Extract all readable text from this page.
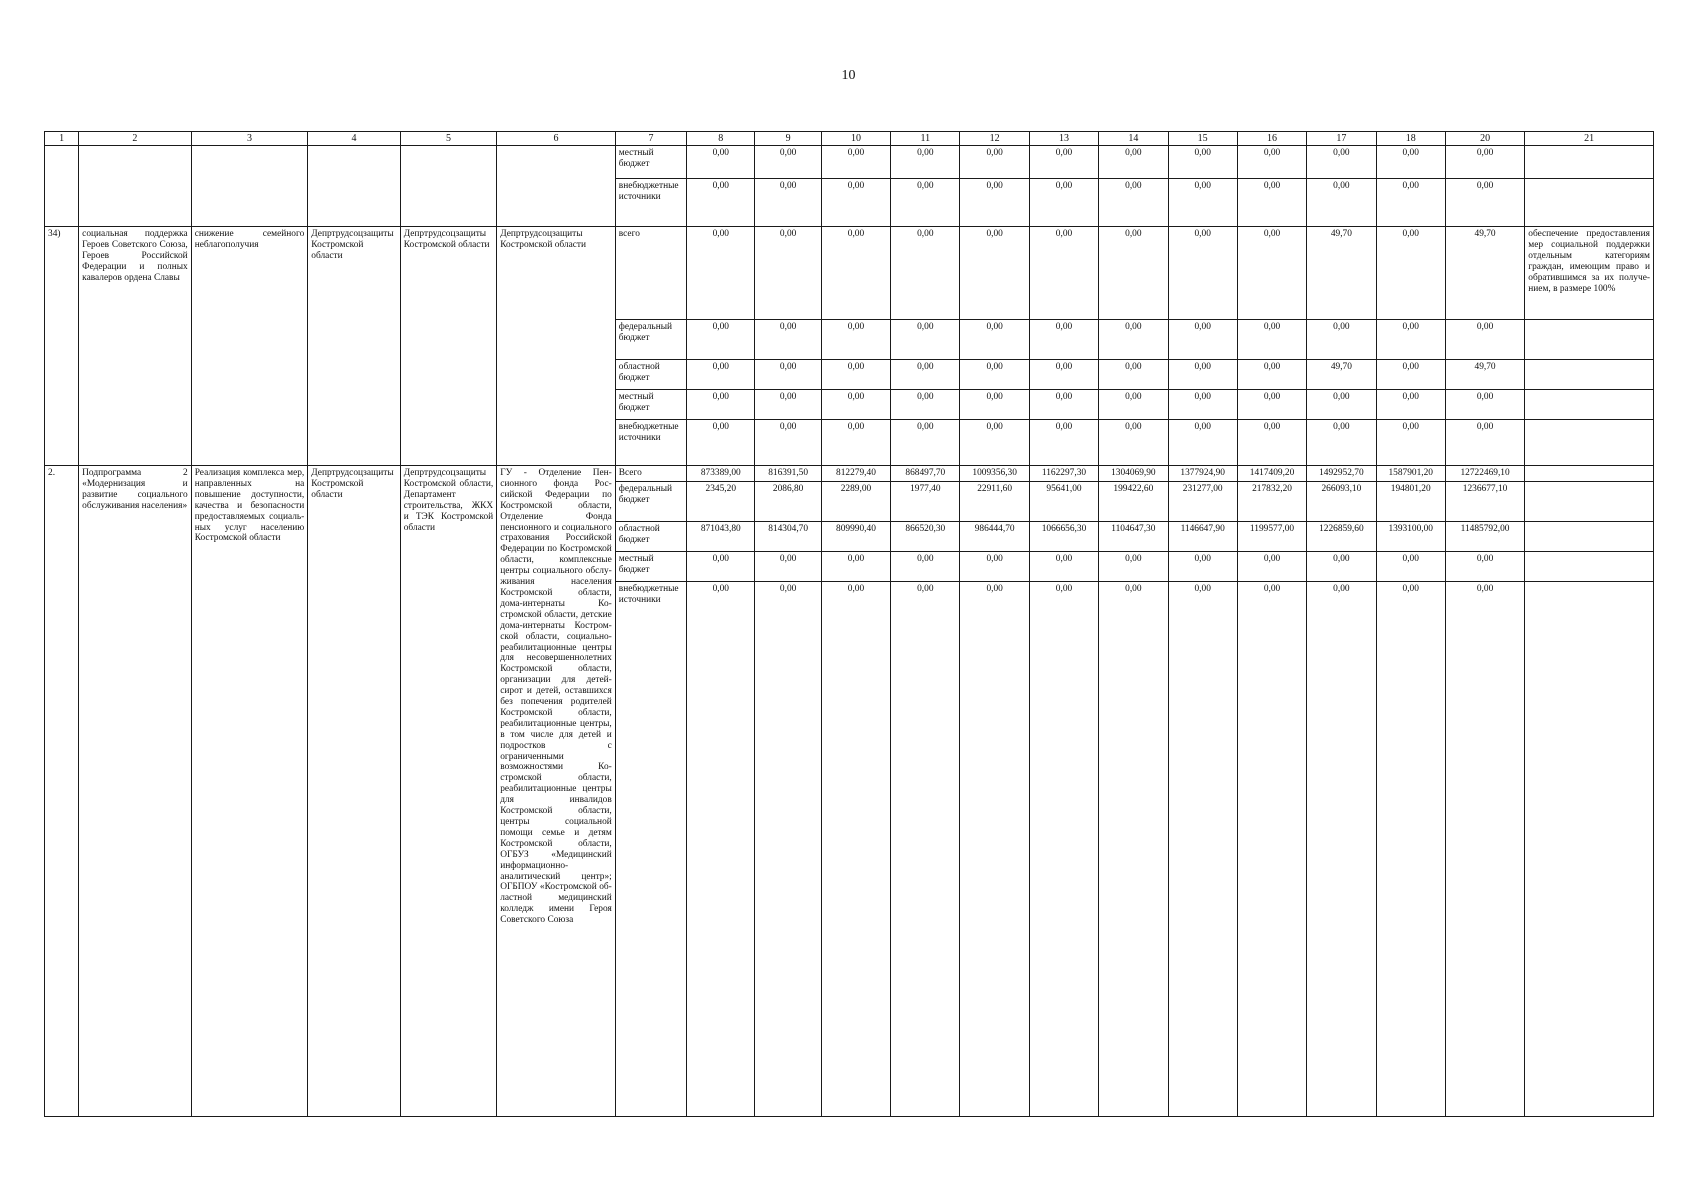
10
1	2	3	4	5	6	7	8	9	10	11	12	13	14	15	16	17	18	20	21
						местный бюджет	0,00	0,00	0,00	0,00	0,00	0,00	0,00	0,00	0,00	0,00	0,00	0,00	
						внебюджетные источники	0,00	0,00	0,00	0,00	0,00	0,00	0,00	0,00	0,00	0,00	0,00	0,00	
34)	социальная поддержка Героев Советского Союза, Героев Российской Федерации и полных кавалеров ордена Славы	снижение семейного неблагополучия	Депртрудсоцзащиты Костромской области	Депртрудсоцзащиты Костромской области	Депртрудсоцзащиты Костромской области	всего	0,00	0,00	0,00	0,00	0,00	0,00	0,00	0,00	0,00	49,70	0,00	49,70	обеспечение предоставления мер социальной поддержки отдельным категориям граждан, имеющим право и обратившимся за их получением, в размере 100%
						федеральный бюджет	0,00	0,00	0,00	0,00	0,00	0,00	0,00	0,00	0,00	0,00	0,00	0,00	
						областной бюджет	0,00	0,00	0,00	0,00	0,00	0,00	0,00	0,00	0,00	49,70	0,00	49,70	
						местный бюджет	0,00	0,00	0,00	0,00	0,00	0,00	0,00	0,00	0,00	0,00	0,00	0,00	
						внебюджетные источники	0,00	0,00	0,00	0,00	0,00	0,00	0,00	0,00	0,00	0,00	0,00	0,00	
2.	Подпрограмма 2 «Модернизация и развитие социального обслуживания населения»	Реализация комплекса мер, направленных на повышение доступности, качества и безопасности предоставляемых социальных услуг населению Костромской области	Депртрудсоцзащиты Костромской области	Депртрудсоцзащиты Костромской области, Департамент строительства, ЖКХ и ТЭК Костромской области	ГУ - Отделение Пенсионного фонда Российской Федерации по Костромской области, Отделение Фонда пенсионного и социального страхования Российской Федерации по Костромской области, комплексные центры социального обслуживания населения Костромской области, дома-интернаты Костромской области, детские дома-интернаты Костромской области, социально-реабилитационные центры для несовершеннолетних Костромской области, организации для детей-сирот и детей, оставшихся без попечения родителей Костромской области, реабилитационные центры, в том числе для детей и подростков с ограниченными возможностями Костромской области, реабилитационные центры для инвалидов Костромской области, центры социальной помощи семье и детям Костромской области, ОГБУЗ «Медицинский информационно-аналитический центр»; ОГБПОУ «Костромской областной медицинский колледж имени Героя Советского Союза	Всего	873389,00	816391,50	812279,40	868497,70	1009356,30	1162297,30	1304069,90	1377924,90	1417409,20	1492952,70	1587901,20	12722469,10	
						федеральный бюджет	2345,20	2086,80	2289,00	1977,40	22911,60	95641,00	199422,60	231277,00	217832,20	266093,10	194801,20	1236677,10	
						областной бюджет	871043,80	814304,70	809990,40	866520,30	986444,70	1066656,30	1104647,30	1146647,90	1199577,00	1226859,60	1393100,00	11485792,00	
						местный бюджет	0,00	0,00	0,00	0,00	0,00	0,00	0,00	0,00	0,00	0,00	0,00	0,00	
						внебюджетные источники	0,00	0,00	0,00	0,00	0,00	0,00	0,00	0,00	0,00	0,00	0,00	0,00	
